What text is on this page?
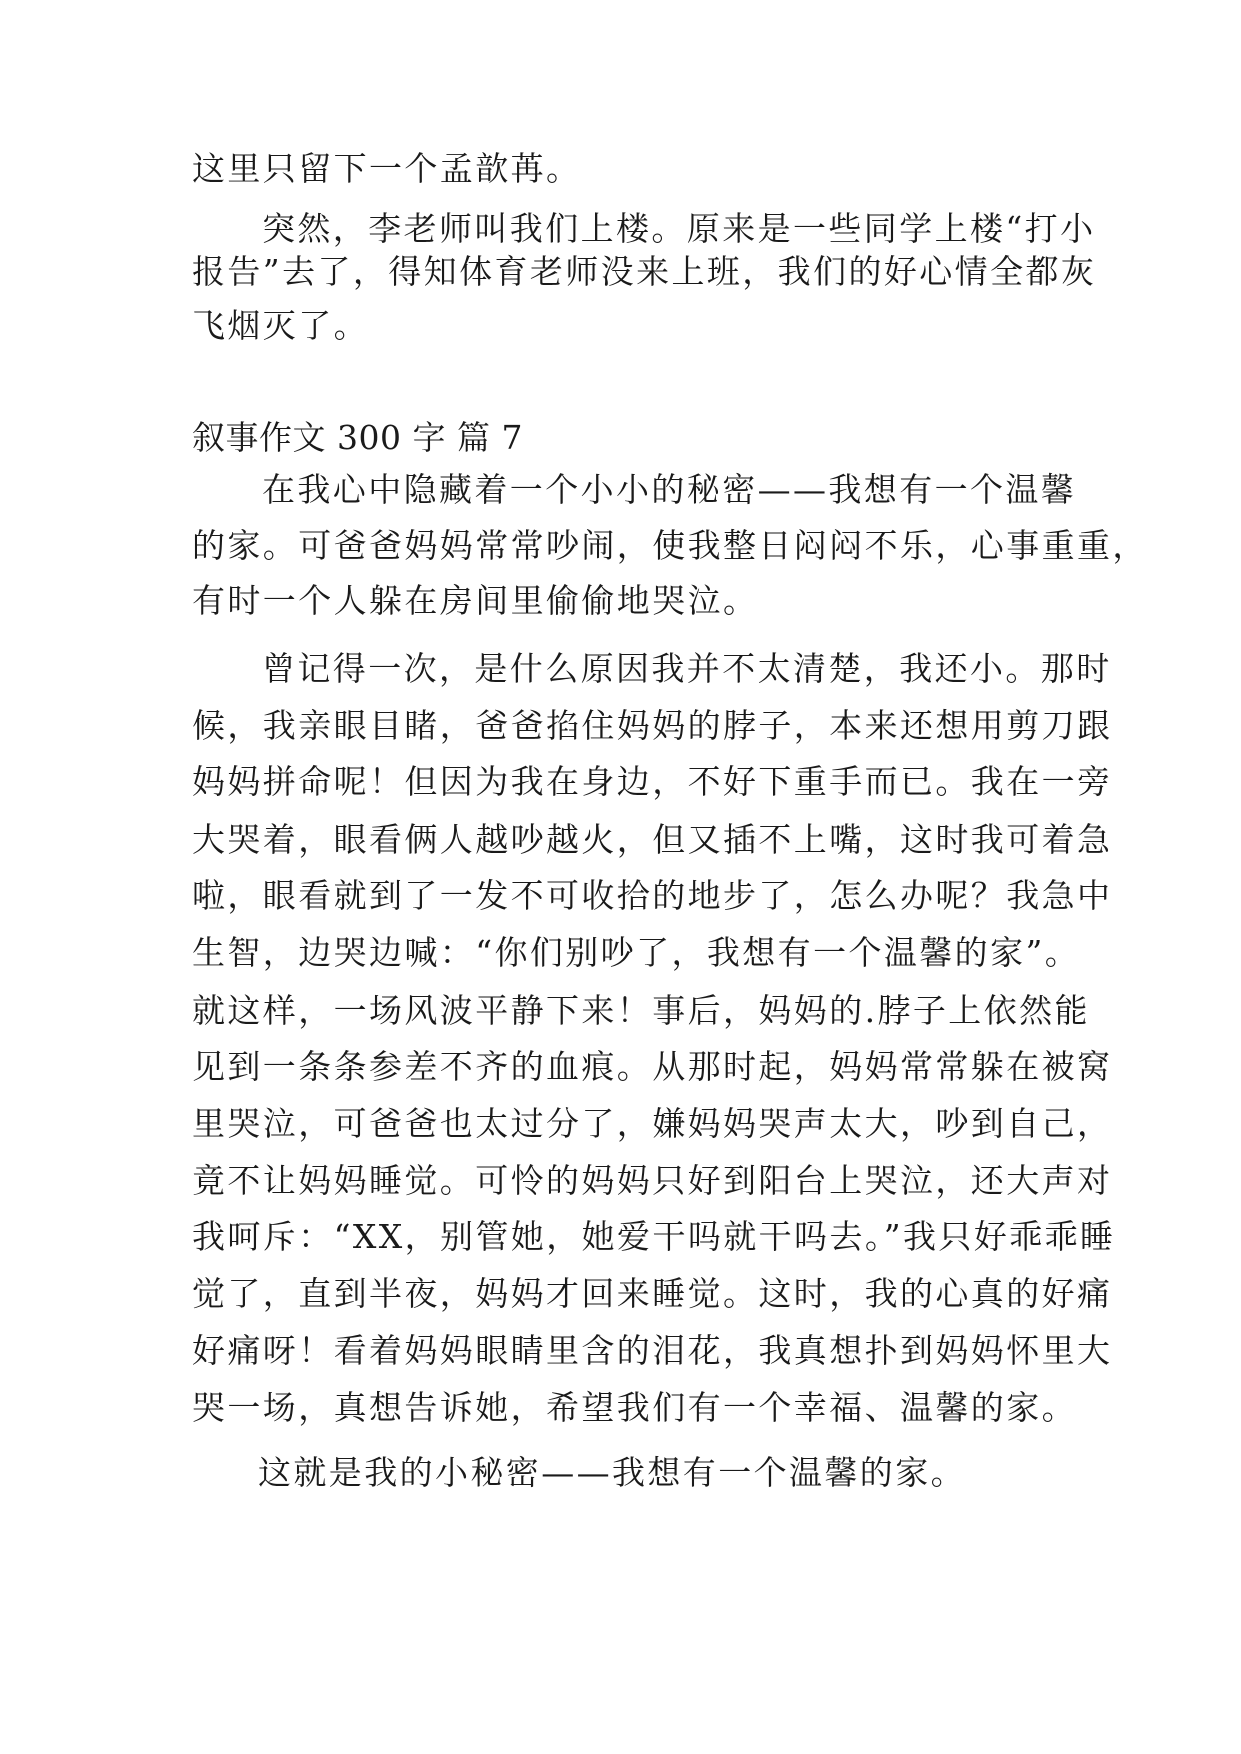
这里只留下一个孟歆苒。
突然，李老师叫我们上楼。原来是一些同学上楼“打小
报告”去了，得知体育老师没来上班，我们的好心情全都灰
飞烟灭了。
叙事作文 300 字 篇 7
在我心中隐藏着一个小小的秘密——我想有一个温馨
的家。可爸爸妈妈常常吵闹，使我整日闷闷不乐，心事重重，
有时一个人躲在房间里偷偷地哭泣。
曾记得一次，是什么原因我并不太清楚，我还小。那时
候，我亲眼目睹，爸爸掐住妈妈的脖子，本来还想用剪刀跟
妈妈拼命呢！但因为我在身边，不好下重手而已。我在一旁
大哭着，眼看俩人越吵越火，但又插不上嘴，这时我可着急
啦，眼看就到了一发不可收拾的地步了，怎么办呢？我急中
生智，边哭边喊：“你们别吵了，我想有一个温馨的家”。
就这样，一场风波平静下来！事后，妈妈的.脖子上依然能
见到一条条参差不齐的血痕。从那时起，妈妈常常躲在被窝
里哭泣，可爸爸也太过分了，嫌妈妈哭声太大，吵到自己，
竟不让妈妈睡觉。可怜的妈妈只好到阳台上哭泣，还大声对
我呵斥：“XX，别管她，她爱干吗就干吗去。”我只好乖乖睡
觉了，直到半夜，妈妈才回来睡觉。这时，我的心真的好痛
好痛呀！看着妈妈眼睛里含的泪花，我真想扑到妈妈怀里大
哭一场，真想告诉她，希望我们有一个幸福、温馨的家。
这就是我的小秘密——我想有一个温馨的家。
